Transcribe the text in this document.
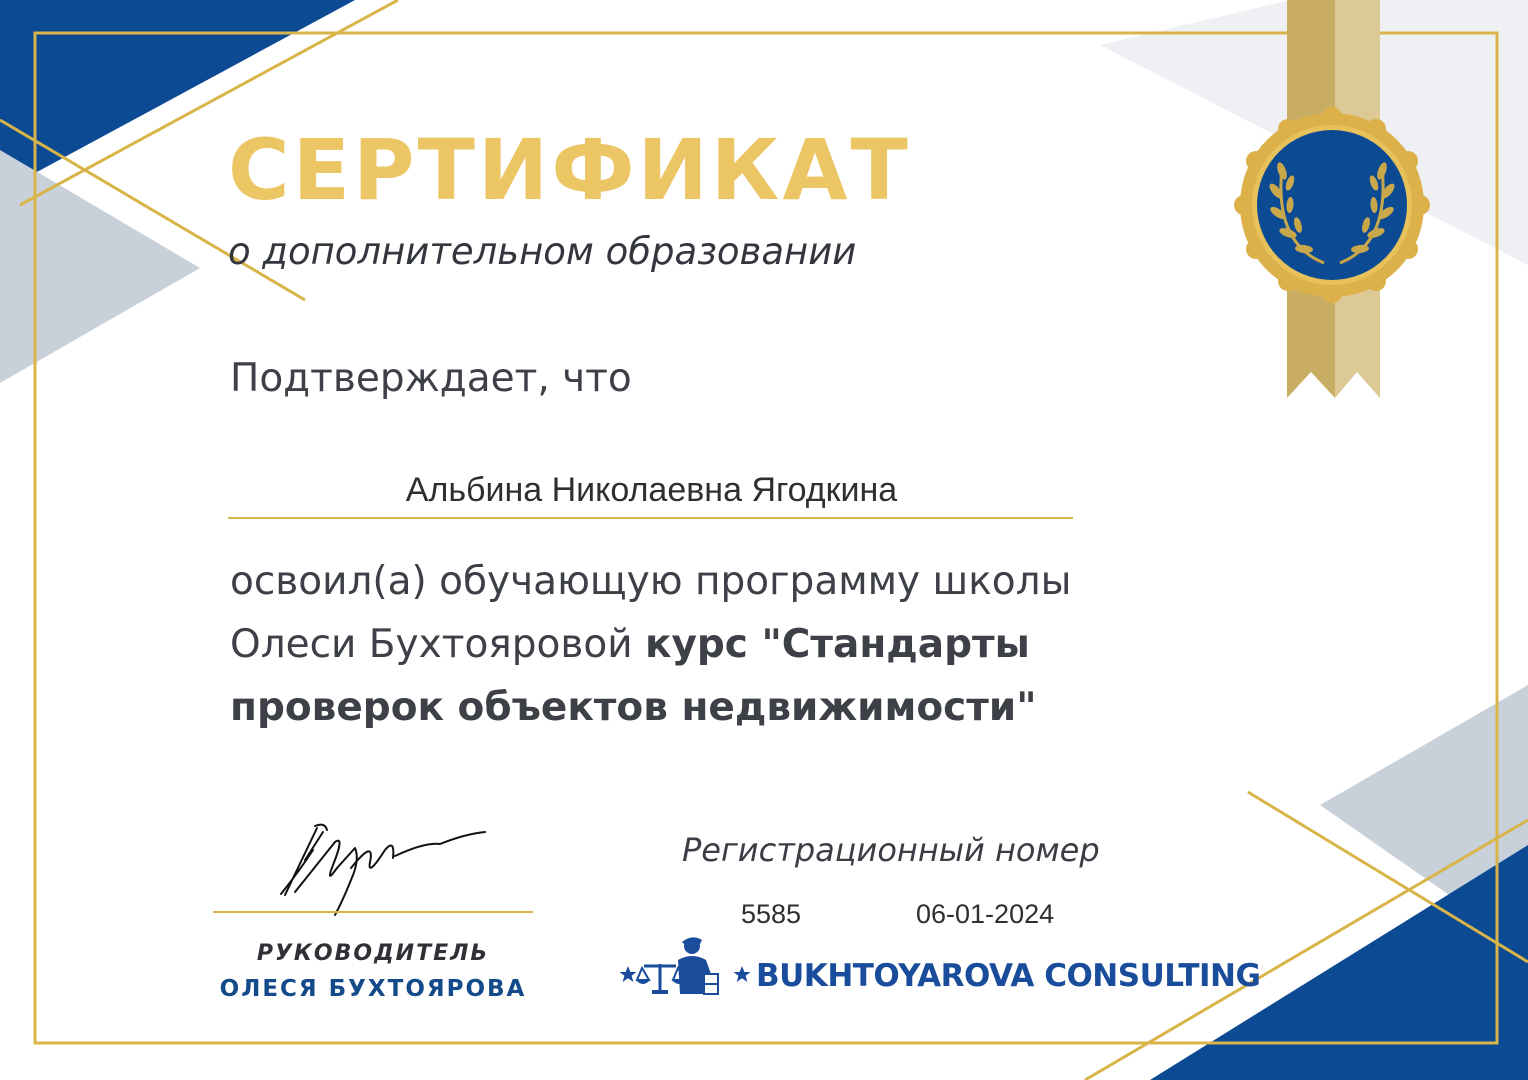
СЕРТИФИКАТ
о дополнительном образовании
Подтверждает, что
Альбина Николаевна Ягодкина
освоил(а) обучающую программу школы
Олеси Бухтояровой курс "Стандарты
проверок объектов недвижимости"
РУКОВОДИТЕЛЬ
ОЛЕСЯ БУХТОЯРОВА
Регистрационный номер
5585	06-01-2024
BUKHTOYAROVA CONSULTING
